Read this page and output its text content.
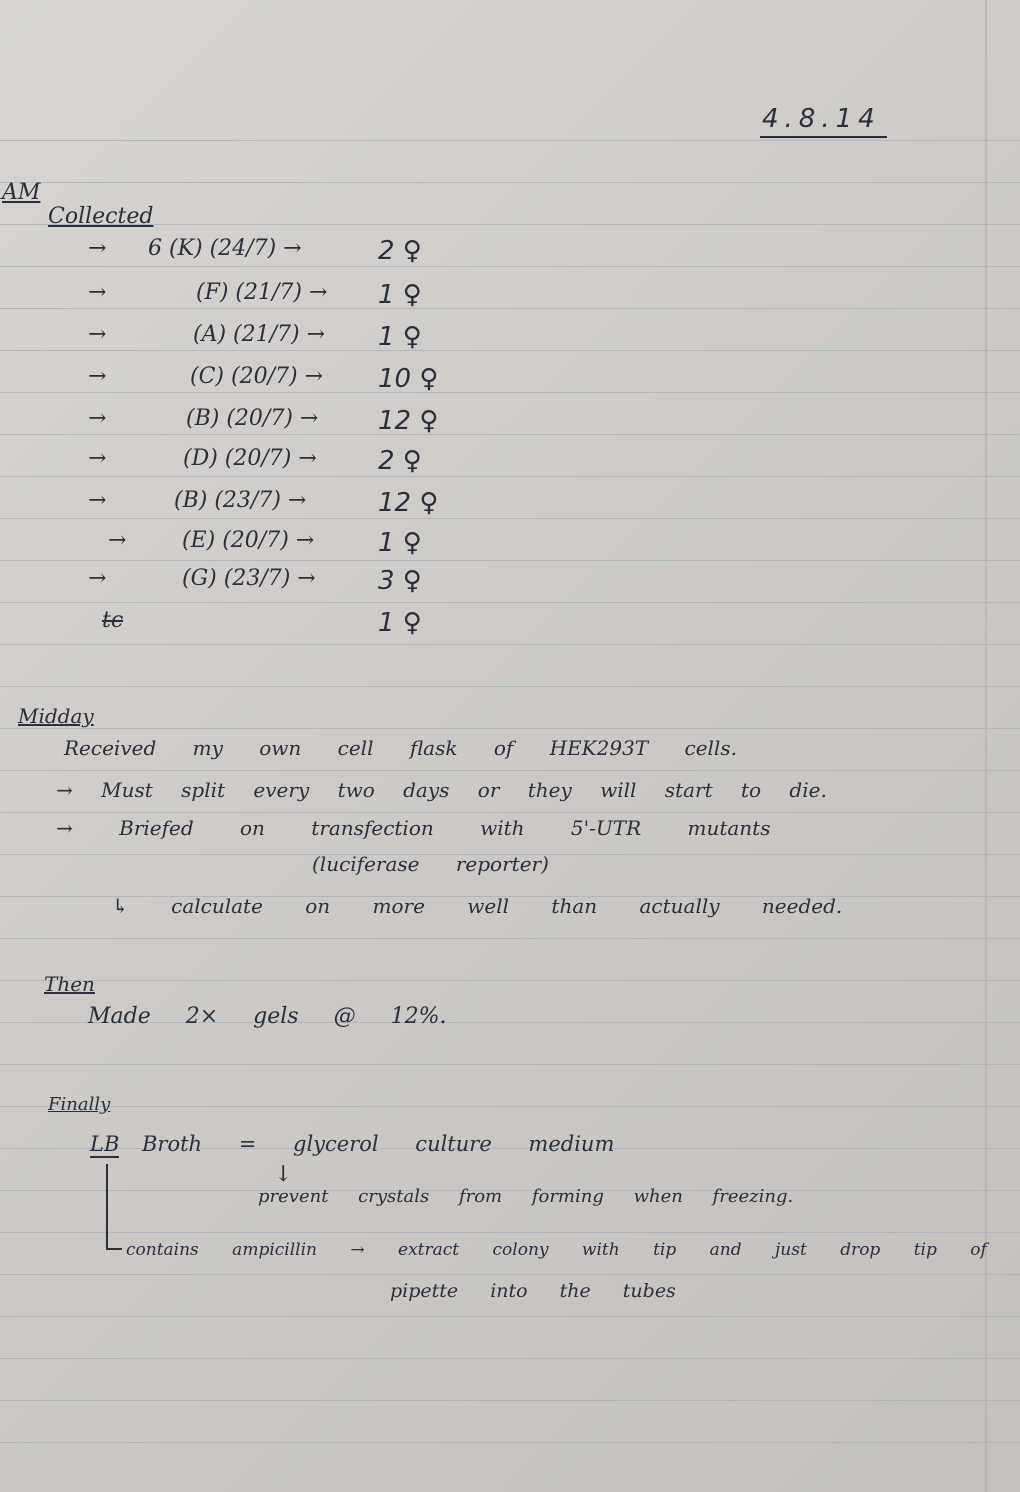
4.8.14
AM
Collected
→ 6 (K) (24/7) →	2 ♀
→	(F) (21/7) → 1 ♀
→	(A) (21/7) → 1 ♀
→	(C) (20/7) → 10 ♀
→	(B) (20/7) → 12 ♀
→	(D) (20/7) → 2 ♀
→	(B) (23/7) →	12 ♀
→	(E) (20/7) → 1 ♀
→	(G) (23/7) → 3 ♀
tc	1 ♀
Midday
Received my own cell flask of HEK293T cells.
→ Must split every two days or they will start to die.
→ Briefed on transfection with 5'-UTR mutants
(luciferase reporter)
↳ calculate on more well than actually needed.
Then
Made 2× gels @ 12%.
Finally
LB Broth = glycerol culture medium
↓
prevent crystals from forming when freezing.
contains ampicillin → extract colony with tip and just drop tip of
pipette into the tubes
